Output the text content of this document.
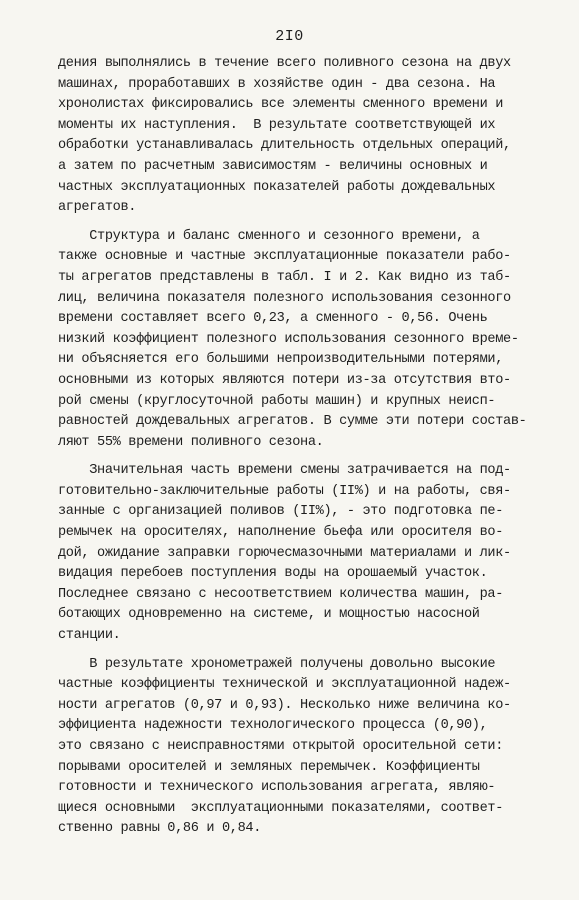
2I0
дения выполнялись в течение всего поливного сезона на двух
машинах, проработавших в хозяйстве один - два сезона. На
хронолистах фиксировались все элементы сменного времени и
моменты их наступления.  В результате соответствующей их
обработки устанавливалась длительность отдельных операций,
а затем по расчетным зависимостям - величины основных и
частных эксплуатационных показателей работы дождевальных
агрегатов.
Структура и баланс сменного и сезонного времени, а
также основные и частные эксплуатационные показатели рабо-
ты агрегатов представлены в табл. I и 2. Как видно из таб-
лиц, величина показателя полезного использования сезонного
времени составляет всего 0,23, а сменного - 0,56. Очень
низкий коэффициент полезного использования сезонного време-
ни объясняется его большими непроизводительными потерями,
основными из которых являются потери из-за отсутствия вто-
рой смены (круглосуточной работы машин) и крупных неисп-
равностей дождевальных агрегатов. В сумме эти потери состав-
ляют 55% времени поливного сезона.
Значительная часть времени смены затрачивается на под-
готовительно-заключительные работы (II%) и на работы, свя-
занные с организацией поливов (II%), - это подготовка пе-
ремычек на оросителях, наполнение бьефа или оросителя во-
дой, ожидание заправки горючесмазочными материалами и лик-
видация перебоев поступления воды на орошаемый участок.
Последнее связано с несоответствием количества машин, ра-
ботающих одновременно на системе, и мощностью насосной
станции.
В результате хронометражей получены довольно высокие
частные коэффициенты технической и эксплуатационной надеж-
ности агрегатов (0,97 и 0,93). Несколько ниже величина ко-
эффициента надежности технологического процесса (0,90),
это связано с неисправностями открытой оросительной сети:
порывами оросителей и земляных перемычек. Коэффициенты
готовности и технического использования агрегата, являю-
щиеся основными  эксплуатационными показателями, соответ-
ственно равны 0,86 и 0,84.
